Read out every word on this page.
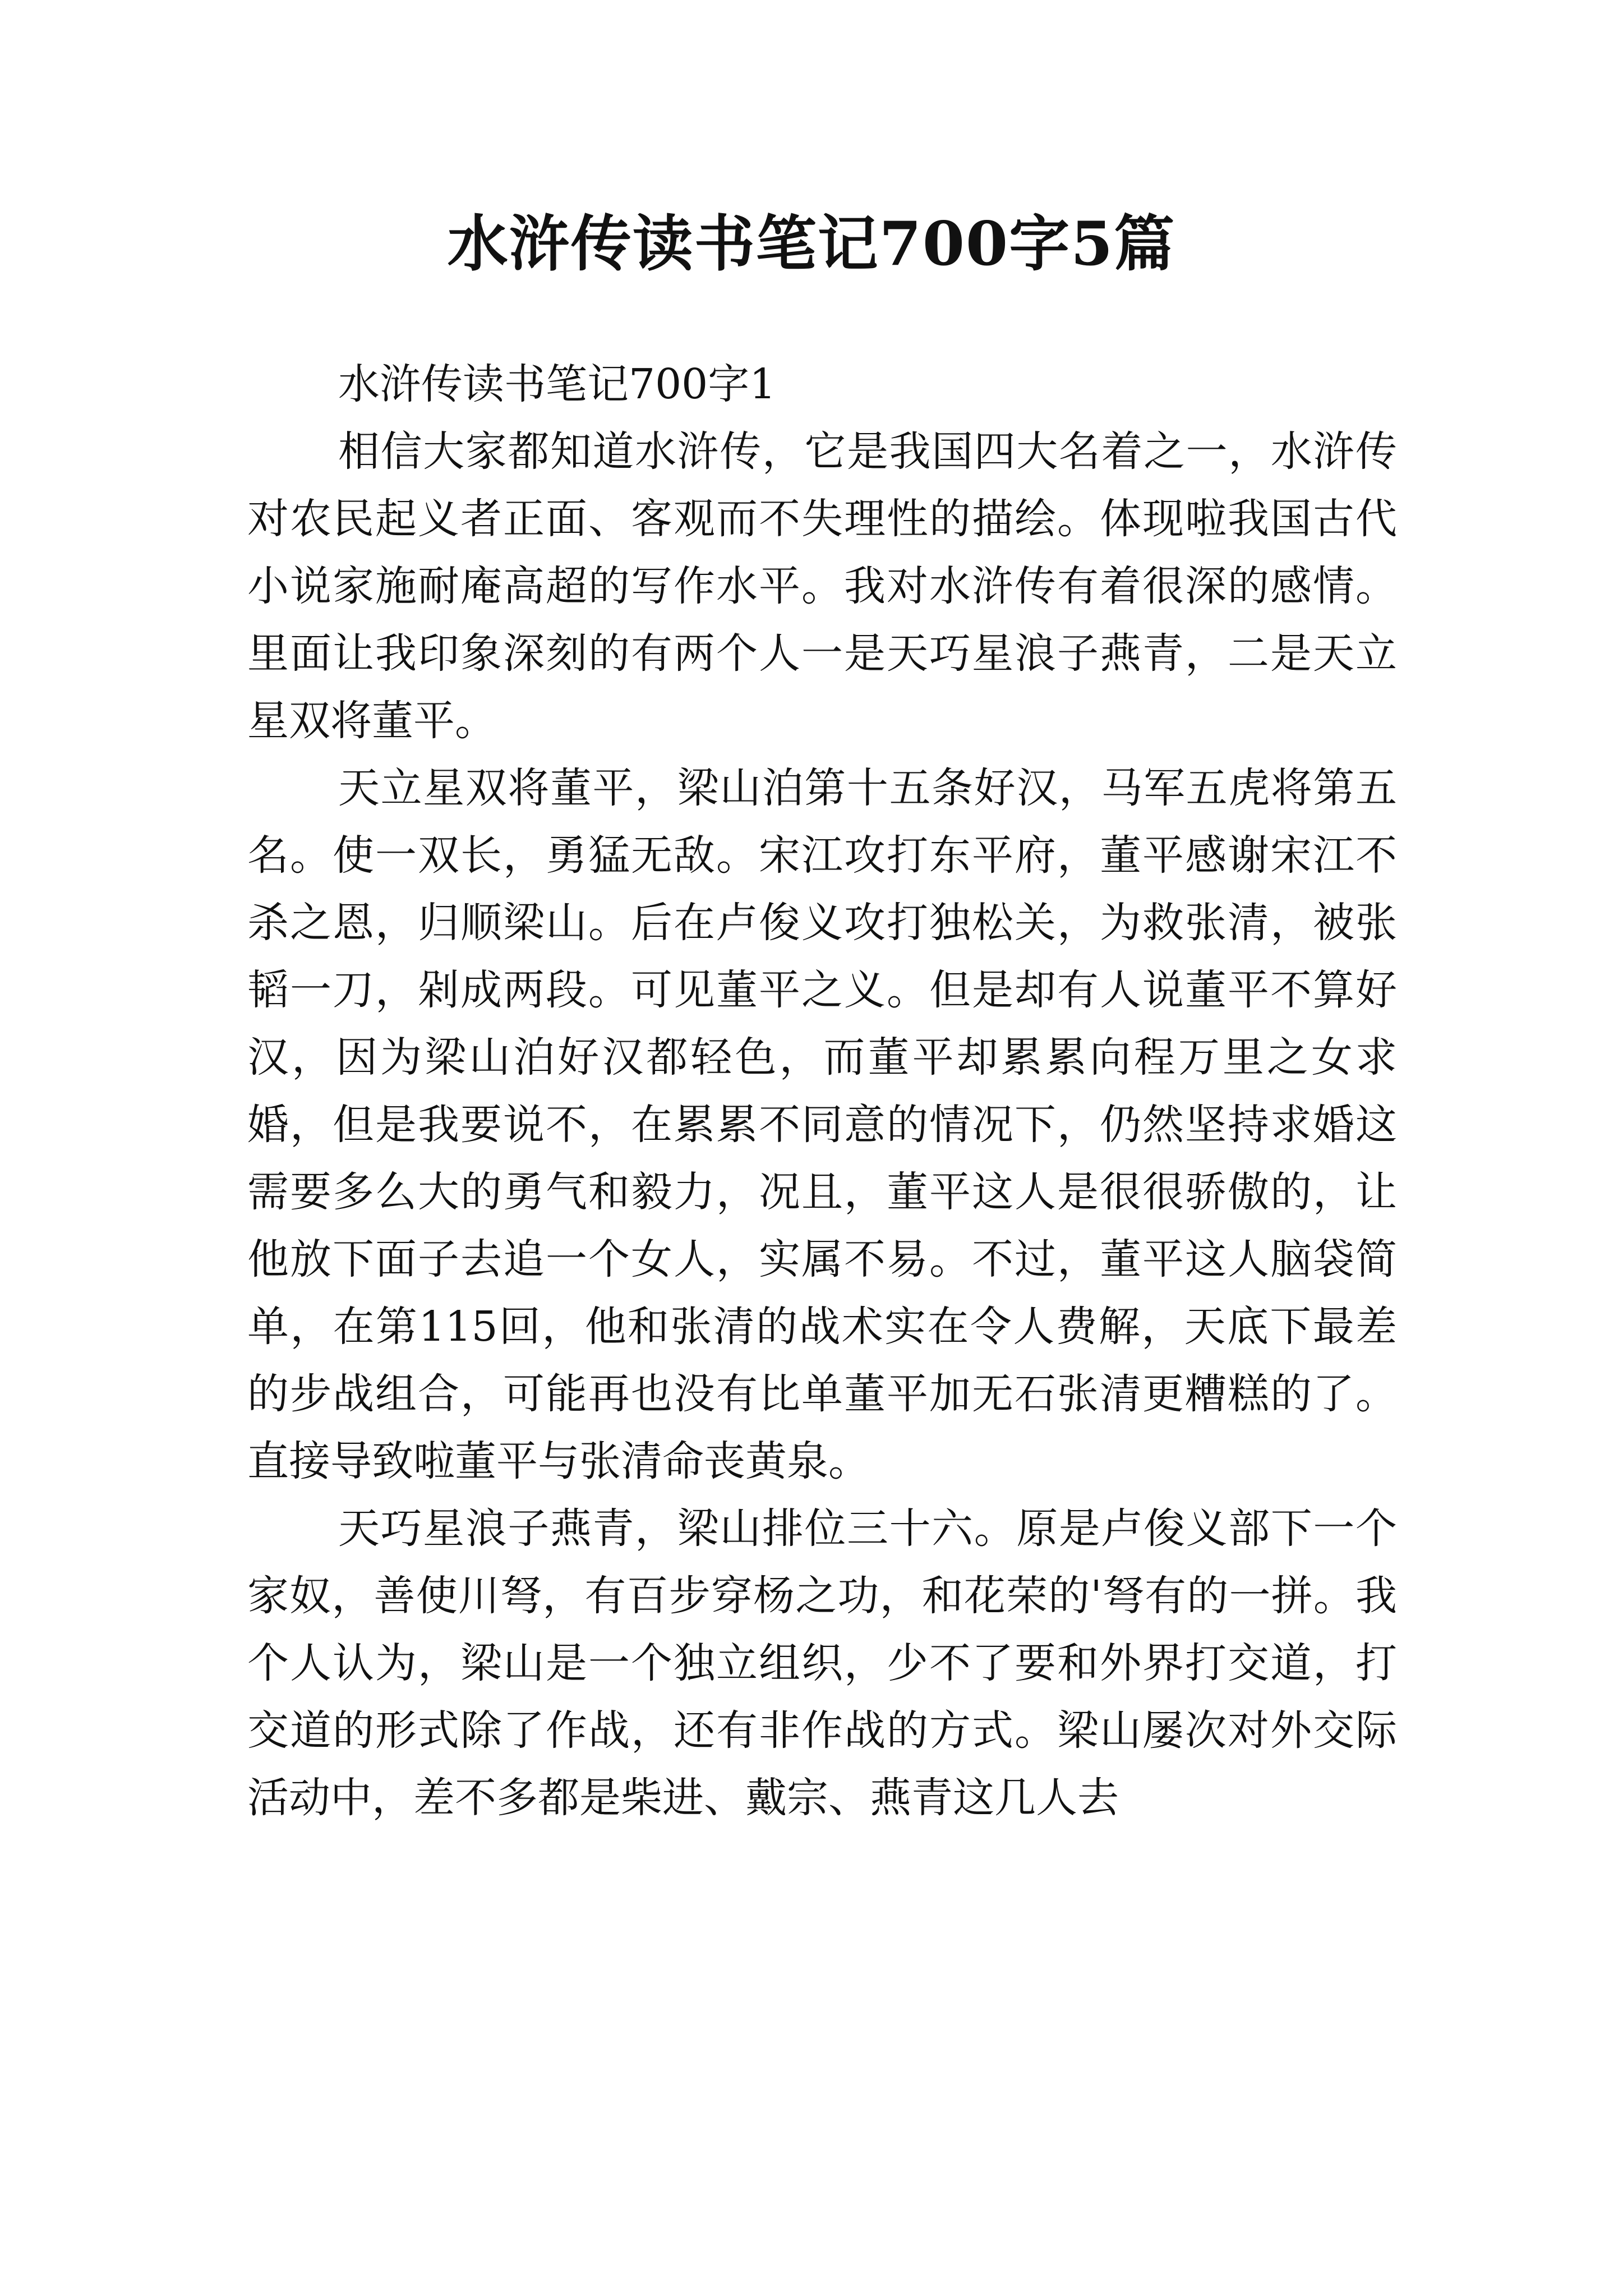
水浒传读书笔记700字5篇

水浒传读书笔记700字1

相信大家都知道水浒传，它是我国四大名着之一，水浒传对农民起义者正面、客观而不失理性的描绘。体现啦我国古代小说家施耐庵高超的写作水平。我对水浒传有着很深的感情。里面让我印象深刻的有两个人一是天巧星浪子燕青，二是天立星双将董平。

天立星双将董平，梁山泊第十五条好汉，马军五虎将第五名。使一双长，勇猛无敌。宋江攻打东平府，董平感谢宋江不杀之恩，归顺梁山。后在卢俊义攻打独松关，为救张清，被张韬一刀，剁成两段。可见董平之义。但是却有人说董平不算好汉，因为梁山泊好汉都轻色，而董平却累累向程万里之女求婚，但是我要说不，在累累不同意的情况下，仍然坚持求婚这需要多么大的勇气和毅力，况且，董平这人是很很骄傲的，让他放下面子去追一个女人，实属不易。不过，董平这人脑袋简单，在第115回，他和张清的战术实在令人费解，天底下最差的步战组合，可能再也没有比单董平加无石张清更糟糕的了。直接导致啦董平与张清命丧黄泉。

天巧星浪子燕青，梁山排位三十六。原是卢俊义部下一个家奴，善使川弩，有百步穿杨之功，和花荣的'弩有的一拼。我个人认为，梁山是一个独立组织，少不了要和外界打交道，打交道的形式除了作战，还有非作战的方式。梁山屡次对外交际活动中，差不多都是柴进、戴宗、燕青这几人去
